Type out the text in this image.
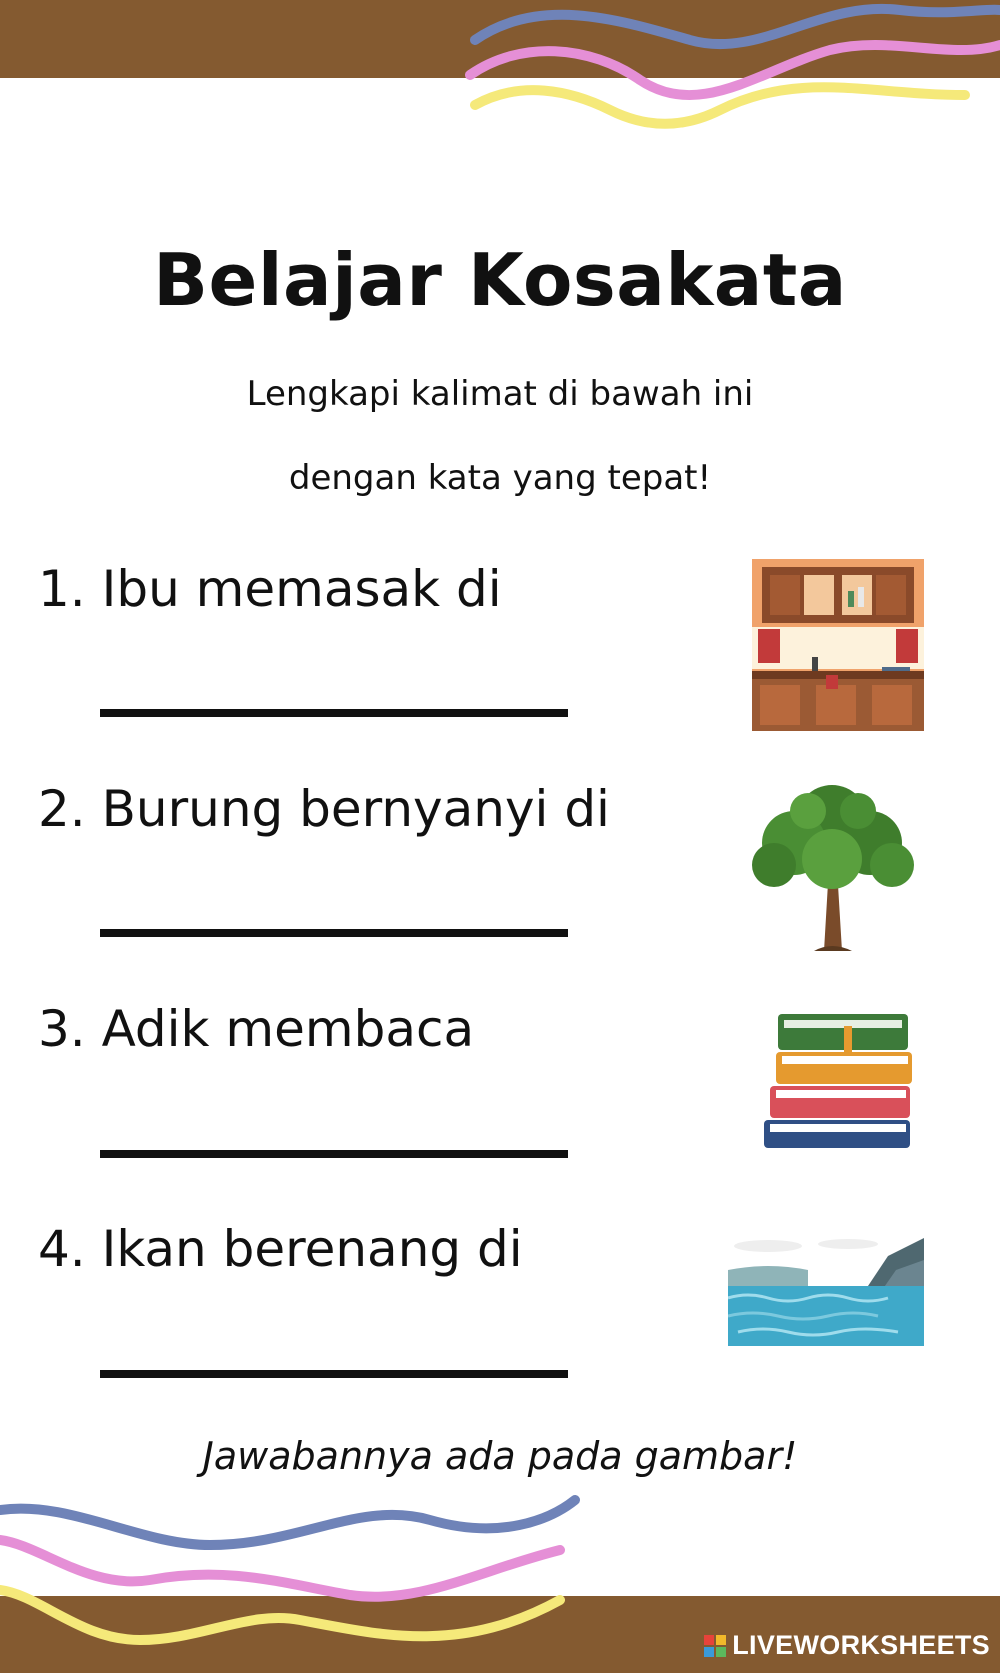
Belajar Kosakata
Lengkapi kalimat di bawah ini
dengan kata yang tepat!
1. Ibu memasak di
2. Burung bernyanyi di
3. Adik membaca
4. Ikan berenang di
Jawabannya ada pada gambar!
LIVEWORKSHEETS
